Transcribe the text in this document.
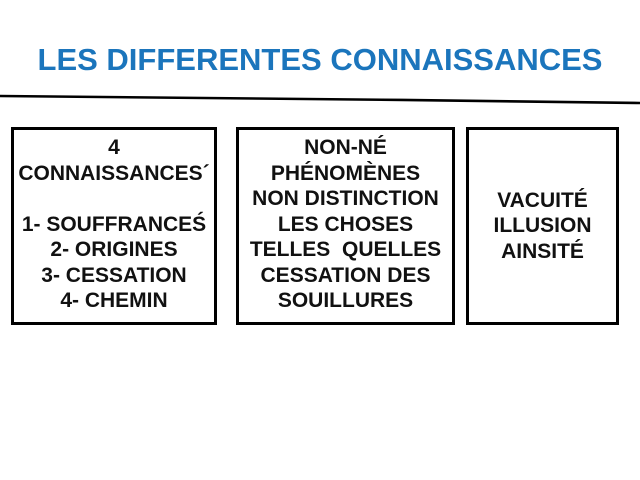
LES DIFFERENTES CONNAISSANCES
4
CONNAISSANCES´
1- SOUFFRANCEŚ
2- ORIGINES
3- CESSATION
4- CHEMIN
NON-NÉ
PHÉNOMÈNES
NON DISTINCTION
LES CHOSES
TELLES  QUELLES
CESSATION DES
SOUILLURES
VACUITÉ
ILLUSION
AINSITÉ
